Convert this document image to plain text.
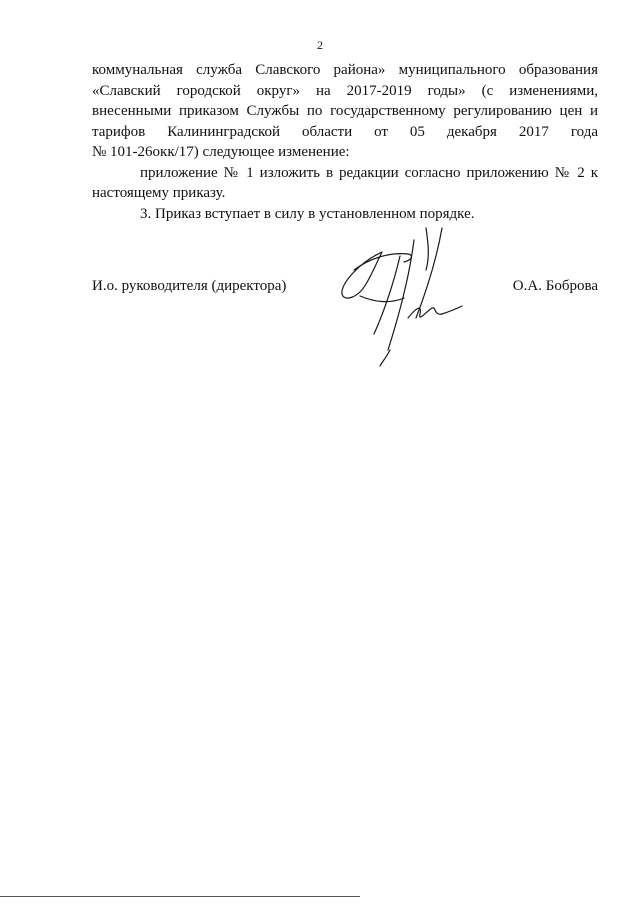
2

коммунальная служба Славского района» муниципального образования

«Славский городской округ» на 2017-2019 годы» (с изменениями,

внесенными приказом Службы по государственному регулированию цен и

тарифов Калининградской области от 05 декабря 2017 года

№ 101-26окк/17) следующее изменение:

приложение № 1 изложить в редакции согласно приложению № 2 к

настоящему приказу.

3. Приказ вступает в силу в установленном порядке.

И.о. руководителя (директора)	О.А. Боброва
